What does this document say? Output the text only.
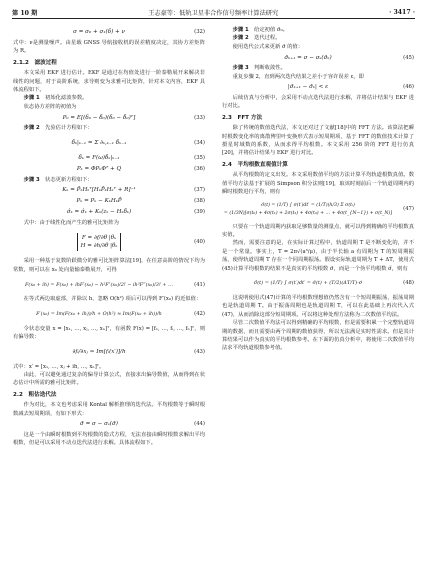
第 10 期	王志豪等：低轨卫星非合作信号频率计算法研究	· 3417 ·
σ = σ₀ + σ₁(δ) + ν	(32)

式中：ν是测量噪声。由星载 GNSS 导航接收机的误差精度决定，其协方差矩阵为 R。

2.1.2　滤波过程

本文采用 EKF 进行估计。EKF 是通过在均值处进行一阶泰勒展开来解决非线性的问题，对于高阶系统，求导则变为求雅可比矩阵，针对本文内容，EKF 具体流程如下。

步骤 1　 初始化滤波参数。

状态协方差阵的初值为

P₀ = E[(δ₀ − δ̂₀)(δ₀ − δ̂₀)ᵀ]	(33)

步骤 2　 先验估计方程如下：

δ̂ₖ|ₖ₋₁ = Σ ∂ₖ,ₖ₋₁ δ̂ₖ₋₁	(34)
δ̂ₖ = F(ω)δ̂ₖ|ₖ₋₁	(35)
Pₖ = ΦPₖΦᵀ + Q	(36)

步骤 3　 状态更新方程如下：

Kₖ = P̄ₖHₖᵀ[HₖP̄ₖHₖᵀ + R]⁻¹	(37)
Pₖ = Pₖ − KₖHₖP̄	(38)
σ̂ₖ = σ̂ₖ + Kₖ(zₖ − Hₖδ̂ₖ)	(39)

式中：由于线性化而产生的雅可比矩阵为

F = ∂f/∂θ |θₖ
H = ∂h/∂θ |θₖ
(40)

采用一种基于复数阶跃微分的雅可比矩阵算法[19]，在任意高阶的情况下均为常数，则可以在 x₀ 处向量输泰勒展开，可得

F(x₀ + ih) = F(x₀) + ihF′(x₀) − h²F″(x₀)/2! − ih³F‴(x₀)/3! + …	(41)

在等式两边取虚部，并除以 h，忽略 O(h²) 项后可以得到 F′(x₀) 的近似值：

F′(x₀) = Im(F(x₀ + ih))/h + O(h²) ≈ Im(F(x₀ + ih))/h	(42)

令状态变量 x = [x₁, …, xⱼ, …, xₙ]ᵀ，有函数 F(x) = [f₁, …, fᵢ, …, fₙ]ᵀ，则有偏导数：

∂fᵢ/∂xⱼ ≈ Im[fᵢ(x′)]/h	(43)

式中：x′ = [x₁, …, xⱼ + ih, …, xₙ]ᵀ。

由此，可以避免通过复杂的偏导计算公式，直接求出偏导数值，从而得到在状态估计中所需的雅可比矩阵。

2.2　粗估迭代法

作为对比，本文也考虑采用 Kontal 解析推理的迭代法。平均根数等于瞬时根数减去短周期项，有如下形式：

σ̄ = σ − σₛ(σ̄)	(44)

这是一个由瞬时根数到平均根数的隐式方程，无法直接由瞬时根数求解出平均根数，但是可以采用不动点迭代法进行求解。具体流程如下。

步骤 1　 给定初值 σ̄₀。

步骤 2　 迭代过程。

使用迭代公式来更新 σ̄ 的值：

σ̄ₖ₊₁ = σ − σₛ(σ̄ₖ)	(45)

步骤 3　 判断收敛性。

重复步骤 2，直到两次迭代结果之差小于容许误差 ε，即

|σ̄ₖ₊₁ − σ̄ₖ| < ε	(46)

后续仿真与分析中，会采用不动点迭代法进行求解，并将估计结果与 EKF 进行对比。

2.3　FFT 方法

除了传统的数值迭代法，本文还对过了文献[18]中的 FFT 方法。该算法把瞬时根数变化率的离散傅里叶变换形式表示短周期项，基于 FFT 的数值技术计算了摄星时域数的系数，从而求得平均根数。本文采用 256 阶的 FFT 进行仿真[20]，并将估计结果与 EKF 进行对比。

2.4　平均根数直观值计算

从平均根数的定义出发。本文采用数值平均的方法计算平均轨道根数真值。数值平均方法基于扩展的 Simpson 积分法则[19]，取该时刻前后一个轨道周期内的瞬时根数进行平均，则有

σ̄(t) = (1/T) ∫ σ(t′)dt′ = (1/T)(h/3) Σ σ(tᵢ)
= (1/3N)[σ(t₀) + 4σ(t₁) + 2σ(t₂) + 4σ(t₃) + … + 4σ(t_{N−1}) + σ(t_N)]
(47)

只要在一个轨道周期内获取足够数量的测量点，就可以得到精确的平均根数真实值。

然而，需要注意的是，在实际计算过程中，轨道周期 T 是不断变化的，并不是一个常量。事实上，T = 2π√(a³/μ)，由于半长轴 a 有周期为 T 的短周期振荡，使得轨道周期 T 存在一个同周期振荡。假设实际轨道周期为 T + ΔT，使用式(45)计算平均根数的结果不是真实的平均根数 σ̄，而是一个伪平均根数 σ̃，则有

σ̃(t) = (1/T) ∫ σ(t′)dt′ = σ̄(t) + (T/2)(ΔT/T)·σ̇	(48)

这说明使用式(47)计算的平均根数理想值仍然含有一个短周期振荡，振荡周期也是轨道周期 T。由于振荡周期也是轨道周期 T，可以在此基础上再次代入式(47)，从而消除这部分短周期项。可以将这种处理方法称为二次数值平均法。

尽管二次数值平均法可以得到精确的平均根数，但是需要积累一个完整轨道周期的数据，而且需要由两个周期的数值获得，所以无法满足实时性需求。但是其计算结果可以作为真实的平均根数参考。在下面的仿真分析中，将使用二次数值平均法求平均轨道根数参考值。
